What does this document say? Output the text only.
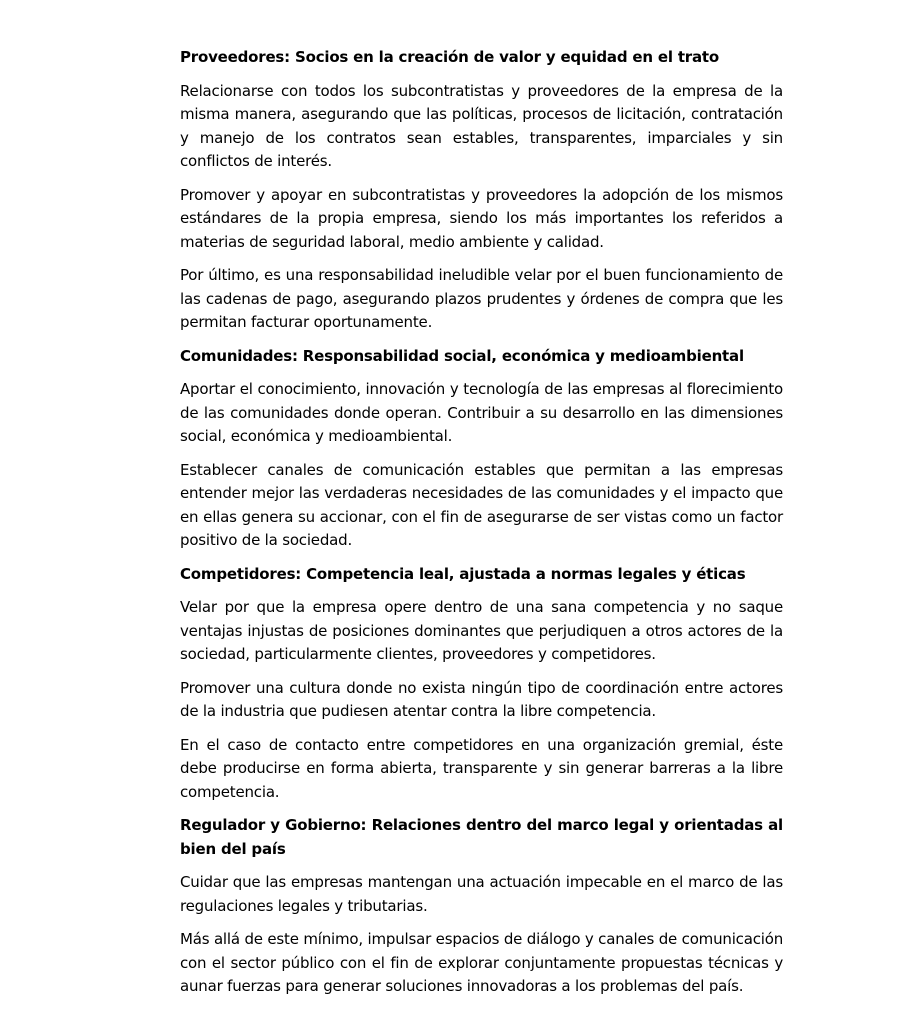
Proveedores: Socios en la creación de valor y equidad en el trato

Relacionarse con todos los subcontratistas y proveedores de la empresa de la misma manera, asegurando que las políticas, procesos de licitación, contratación y manejo de los contratos sean estables, transparentes, imparciales y sin conflictos de interés.

Promover y apoyar en subcontratistas y proveedores la adopción de los mismos estándares de la propia empresa, siendo los más importantes los referidos a materias de seguridad laboral, medio ambiente y calidad.

Por último, es una responsabilidad ineludible velar por el buen funcionamiento de las cadenas de pago, asegurando plazos prudentes y órdenes de compra que les permitan facturar oportunamente.

Comunidades: Responsabilidad social, económica y medioambiental

Aportar el conocimiento, innovación y tecnología de las empresas al florecimiento de las comunidades donde operan. Contribuir a su desarrollo en las dimensiones social, económica y medioambiental.

Establecer canales de comunicación estables que permitan a las empresas entender mejor las verdaderas necesidades de las comunidades y el impacto que en ellas genera su accionar, con el fin de asegurarse de ser vistas como un factor positivo de la sociedad.

Competidores: Competencia leal, ajustada a normas legales y éticas

Velar por que la empresa opere dentro de una sana competencia y no saque ventajas injustas de posiciones dominantes que perjudiquen a otros actores de la sociedad, particularmente clientes, proveedores y competidores.

Promover una cultura donde no exista ningún tipo de coordinación entre actores de la industria que pudiesen atentar contra la libre competencia.

En el caso de contacto entre competidores en una organización gremial, éste debe producirse en forma abierta, transparente y sin generar barreras a la libre competencia.

Regulador y Gobierno: Relaciones dentro del marco legal y orientadas al bien del país

Cuidar que las empresas mantengan una actuación impecable en el marco de las regulaciones legales y tributarias.

Más allá de este mínimo, impulsar espacios de diálogo y canales de comunicación con el sector público con el fin de explorar conjuntamente propuestas técnicas y aunar fuerzas para generar soluciones innovadoras a los problemas del país.
